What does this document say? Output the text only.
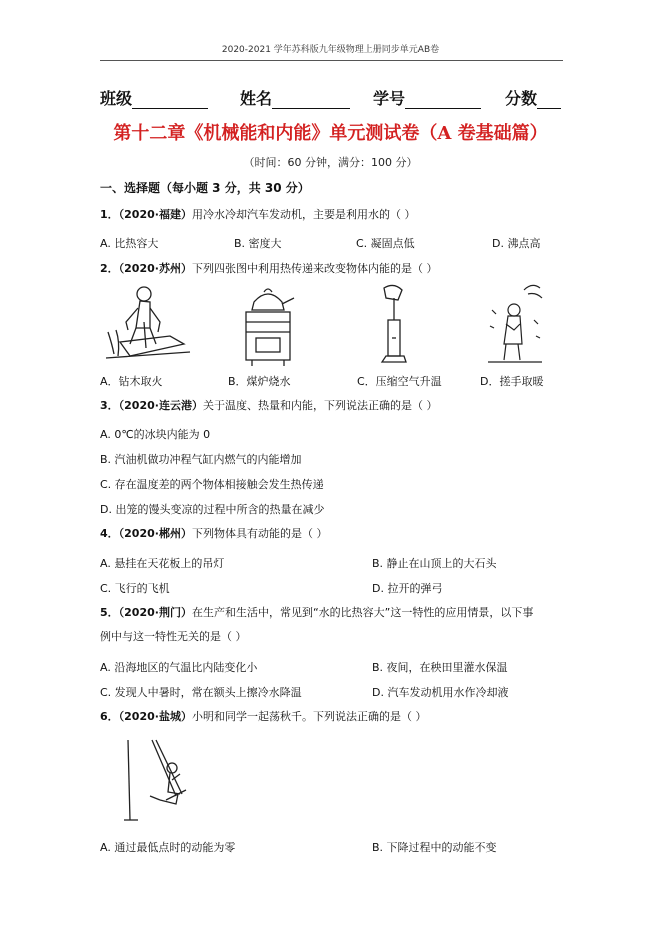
2020-2021 学年苏科版九年级物理上册同步单元AB卷
班级	姓名	学号	分数
第十二章《机械能和内能》单元测试卷（A 卷基础篇）
（时间：60 分钟，满分：100 分）
一、选择题（每小题 3 分，共 30 分）
1．（2020·福建）用冷水冷却汽车发动机，主要是利用水的（ ）
A. 比热容大	B. 密度大	C. 凝固点低	D. 沸点高
2．（2020·苏州）下列四张图中利用热传递来改变物体内能的是（ ）
A．钻木取火	B．煤炉烧水	C．压缩空气升温	D．搓手取暖
3．（2020·连云港）关于温度、热量和内能，下列说法正确的是（ ）
A. 0℃的冰块内能为 0
B. 汽油机做功冲程气缸内燃气的内能增加
C. 存在温度差的两个物体相接触会发生热传递
D. 出笼的馒头变凉的过程中所含的热量在减少
4．（2020·郴州）下列物体具有动能的是（ ）
A. 悬挂在天花板上的吊灯	B. 静止在山顶上的大石头
C. 飞行的飞机	D. 拉开的弹弓
5．（2020·荆门）在生产和生活中，常见到“水的比热容大”这一特性的应用情景，以下事
例中与这一特性无关的是（ ）
A. 沿海地区的气温比内陆变化小	B. 夜间，在秧田里灌水保温
C. 发现人中暑时，常在额头上擦冷水降温	D. 汽车发动机用水作冷却液
6．（2020·盐城）小明和同学一起荡秋千。下列说法正确的是（ ）
A. 通过最低点时的动能为零	B. 下降过程中的动能不变
